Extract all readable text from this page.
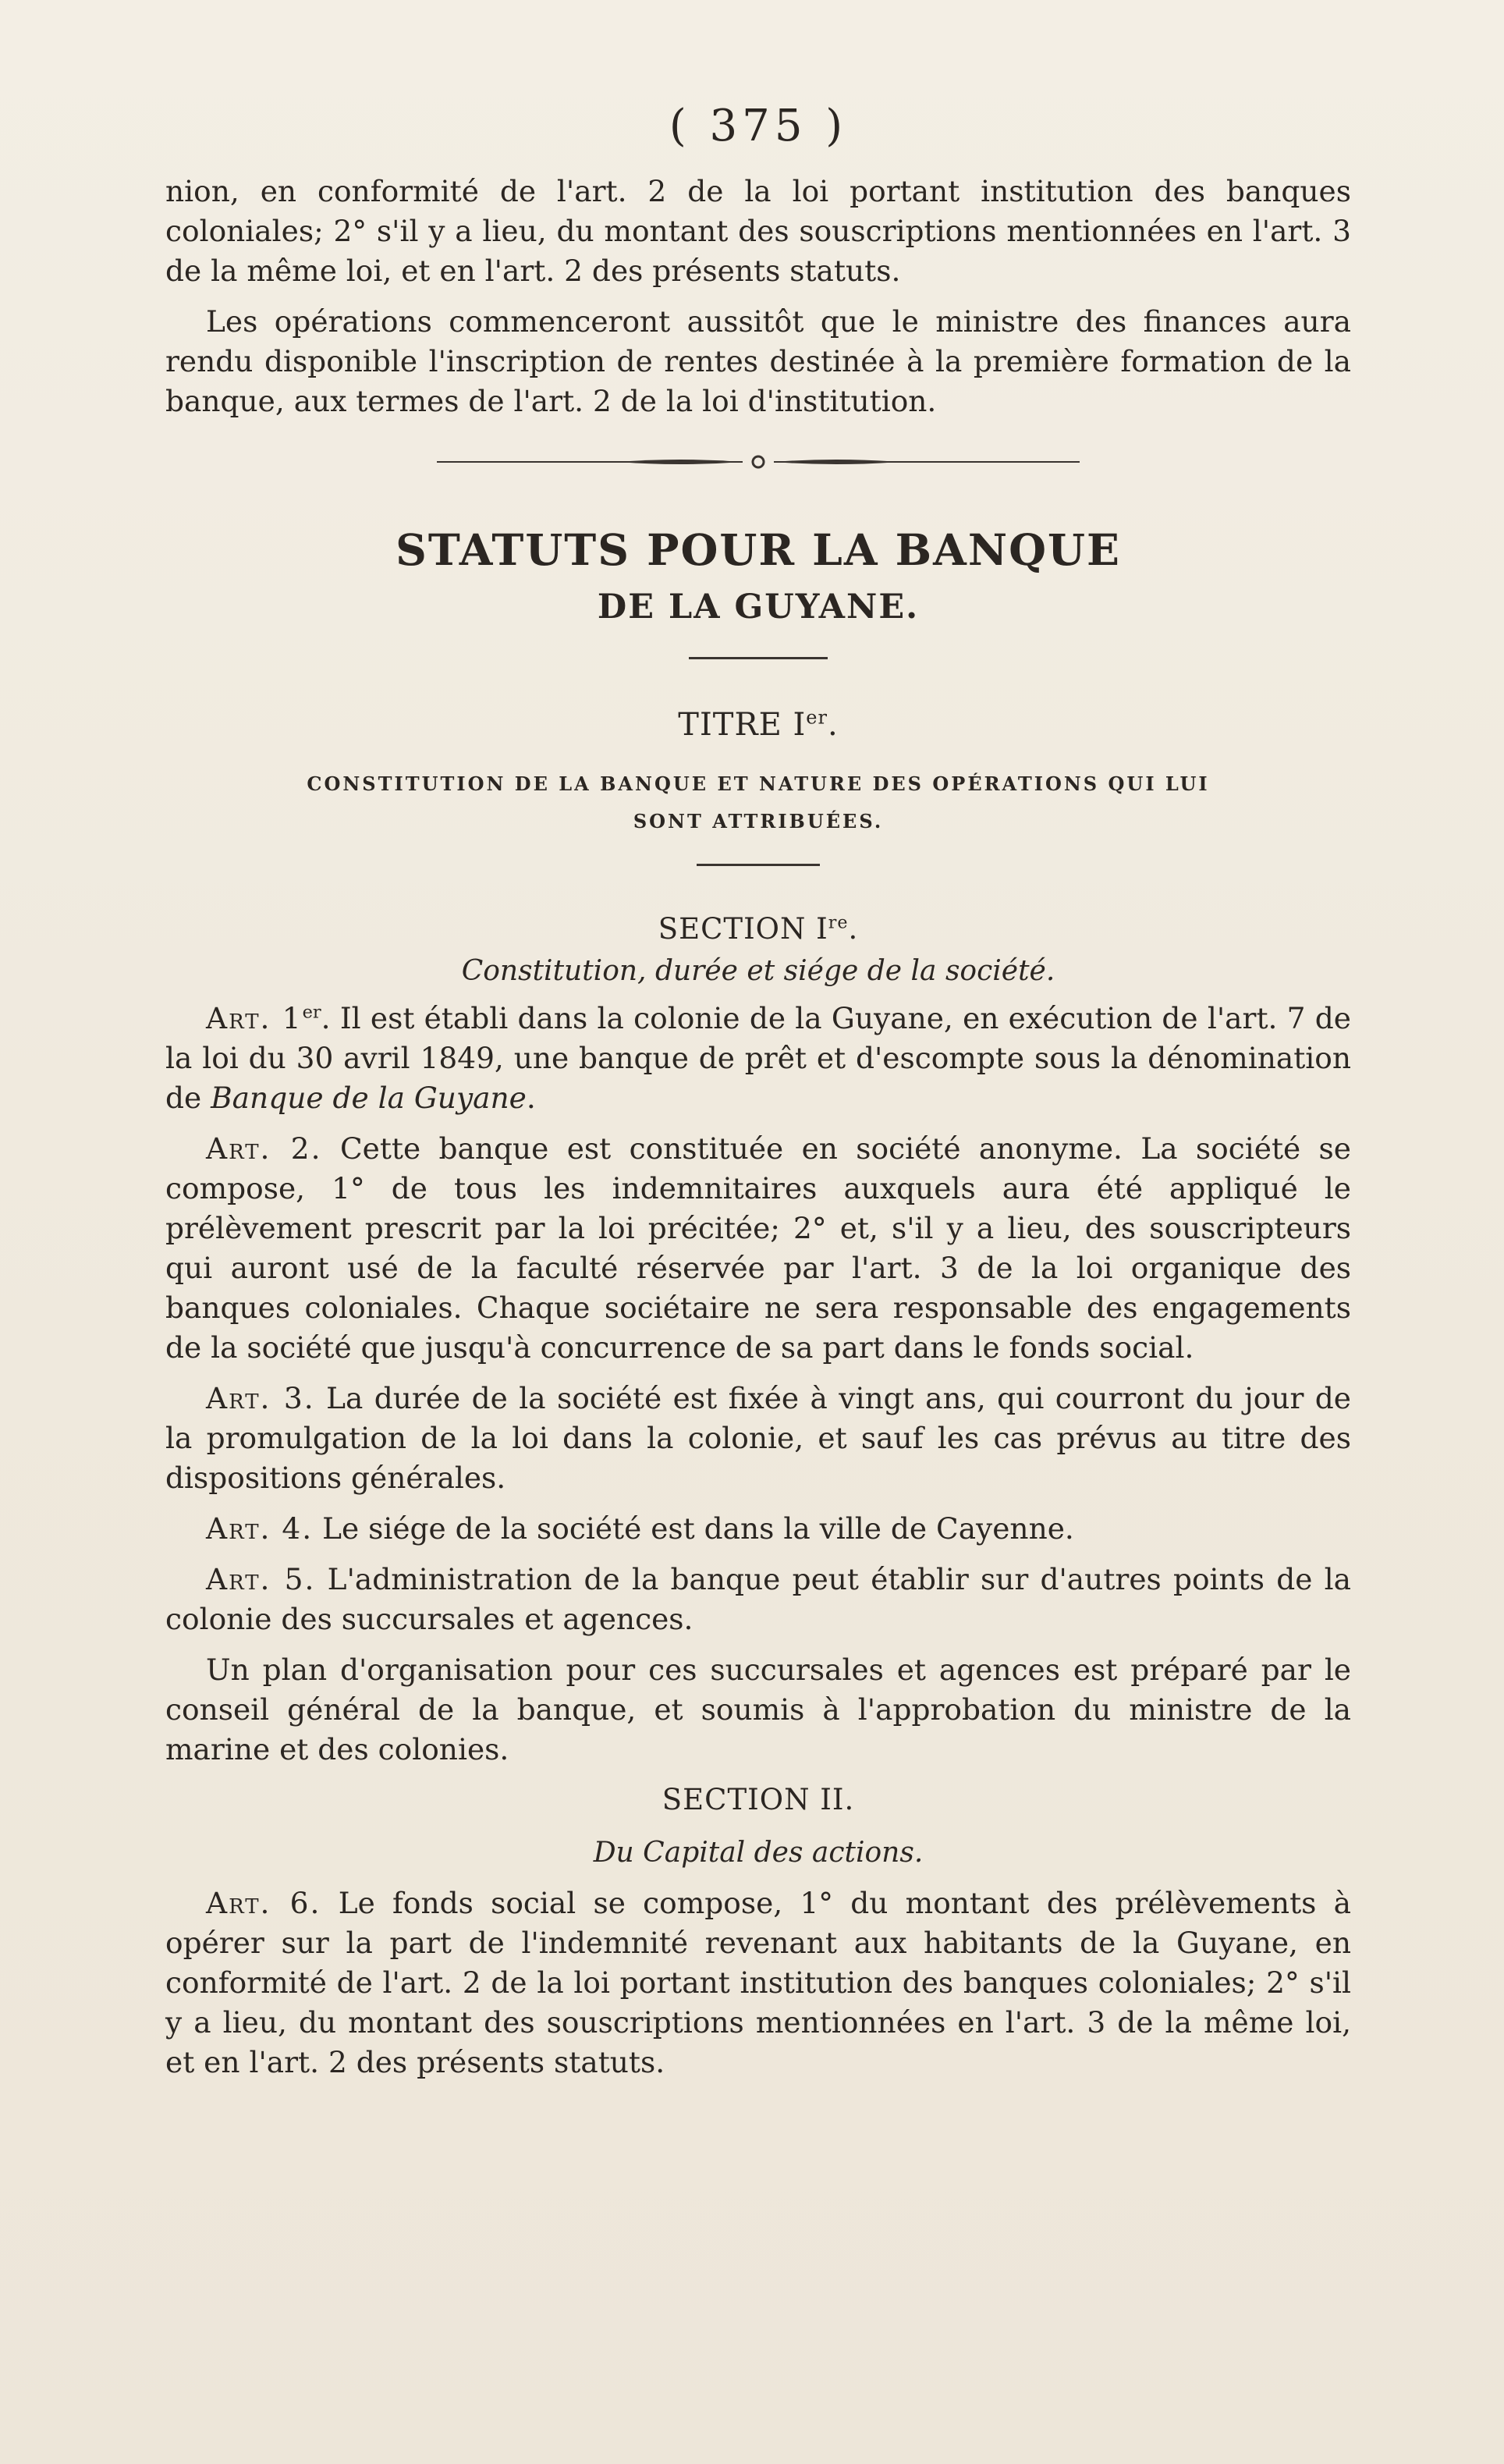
( 375 )

nion, en conformité de l'art. 2 de la loi portant institution des banques coloniales; 2° s'il y a lieu, du montant des souscriptions mentionnées en l'art. 3 de la même loi, et en l'art. 2 des présents statuts.

Les opérations commenceront aussitôt que le ministre des finances aura rendu disponible l'inscription de rentes destinée à la première formation de la banque, aux termes de l'art. 2 de la loi d'institution.

STATUTS POUR LA BANQUE
DE LA GUYANE.
TITRE Ier.
CONSTITUTION DE LA BANQUE ET NATURE DES OPÉRATIONS QUI LUI
SONT ATTRIBUÉES.
SECTION Ire.
Constitution, durée et siége de la société.

Art. 1er. Il est établi dans la colonie de la Guyane, en exécution de l'art. 7 de la loi du 30 avril 1849, une banque de prêt et d'escompte sous la dénomination de Banque de la Guyane.

Art. 2. Cette banque est constituée en société anonyme. La société se compose, 1° de tous les indemnitaires auxquels aura été appliqué le prélèvement prescrit par la loi précitée; 2° et, s'il y a lieu, des souscripteurs qui auront usé de la faculté réservée par l'art. 3 de la loi organique des banques coloniales. Chaque sociétaire ne sera responsable des engagements de la société que jusqu'à concurrence de sa part dans le fonds social.

Art. 3. La durée de la société est fixée à vingt ans, qui courront du jour de la promulgation de la loi dans la colonie, et sauf les cas prévus au titre des dispositions générales.

Art. 4. Le siége de la société est dans la ville de Cayenne.

Art. 5. L'administration de la banque peut établir sur d'autres points de la colonie des succursales et agences.

Un plan d'organisation pour ces succursales et agences est préparé par le conseil général de la banque, et soumis à l'approbation du ministre de la marine et des colonies.

SECTION II.
Du Capital des actions.

Art. 6. Le fonds social se compose, 1° du montant des prélèvements à opérer sur la part de l'indemnité revenant aux habitants de la Guyane, en conformité de l'art. 2 de la loi portant institution des banques coloniales; 2° s'il y a lieu, du montant des souscriptions mentionnées en l'art. 3 de la même loi, et en l'art. 2 des présents statuts.
